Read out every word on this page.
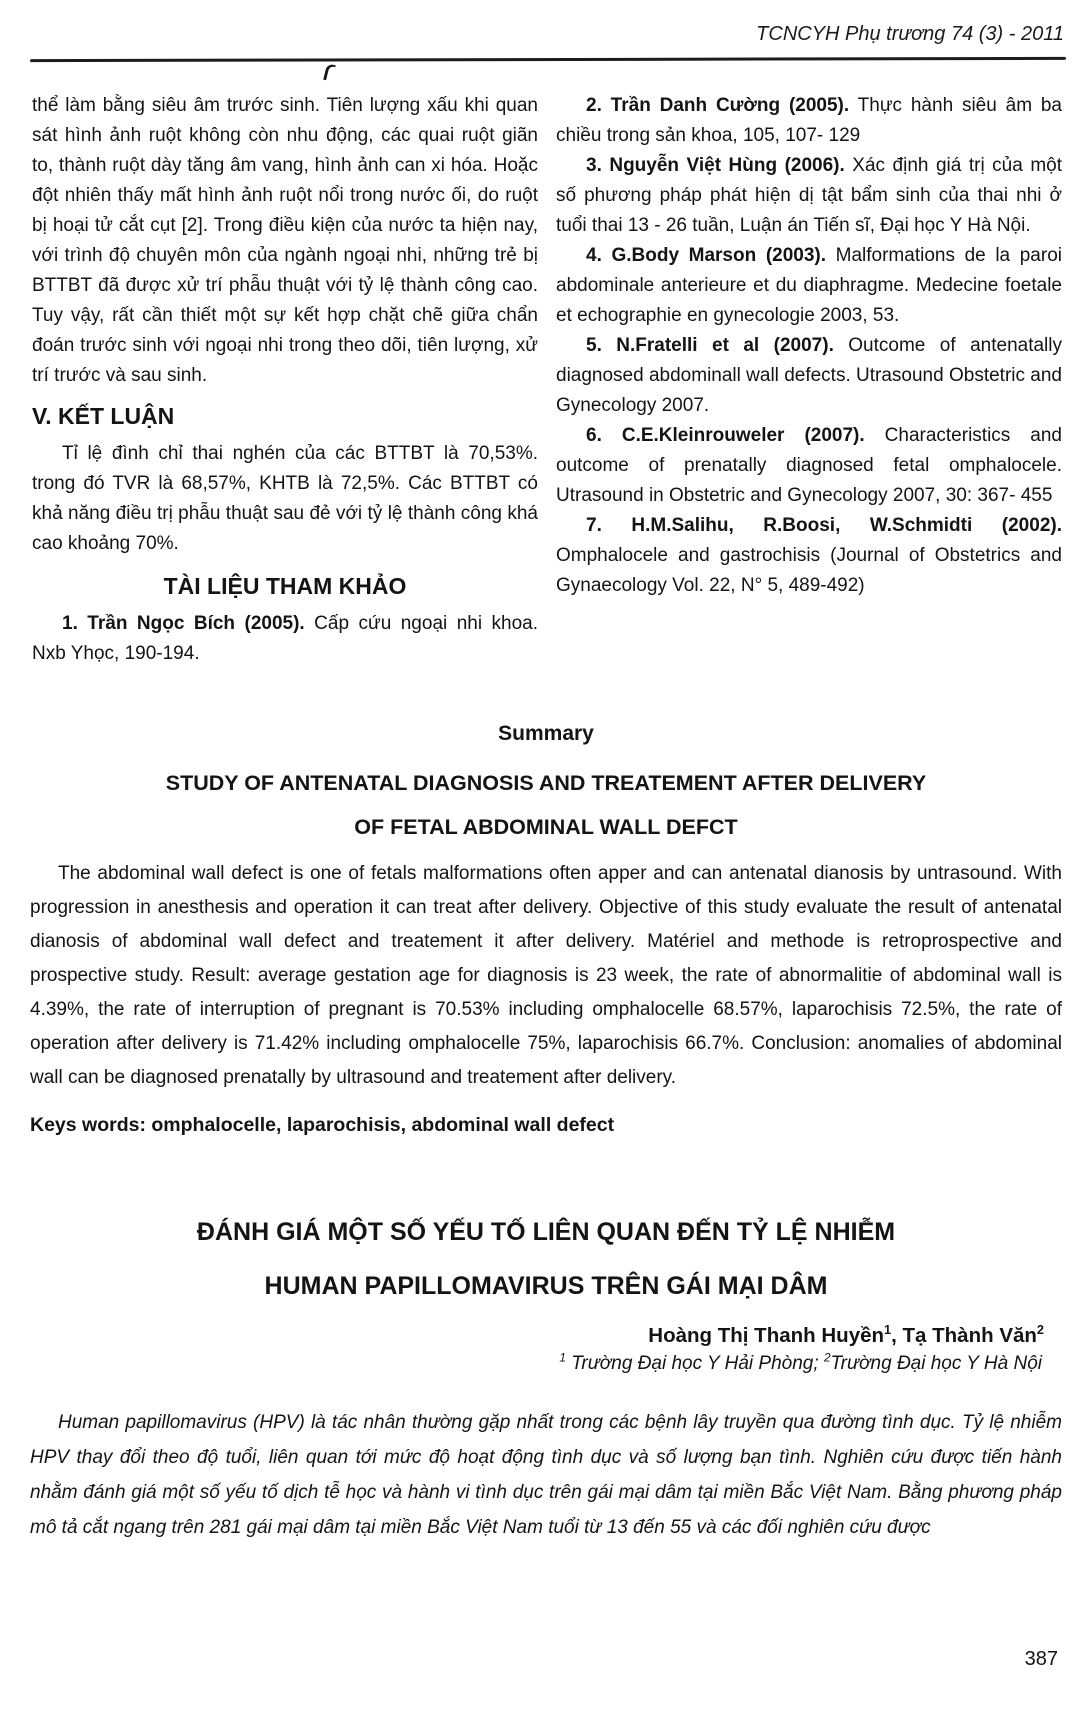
TCNCYH Phụ trương 74 (3) - 2011

thể làm bằng siêu âm trước sinh. Tiên lượng xấu khi quan sát hình ảnh ruột không còn nhu động, các quai ruột giãn to, thành ruột dày tăng âm vang, hình ảnh can xi hóa. Hoặc đột nhiên thấy mất hình ảnh ruột nổi trong nước ối, do ruột bị hoại tử cắt cụt [2]. Trong điều kiện của nước ta hiện nay, với trình độ chuyên môn của ngành ngoại nhi, những trẻ bị BTTBT đã được xử trí phẫu thuật với tỷ lệ thành công cao. Tuy vậy, rất cần thiết một sự kết hợp chặt chẽ giữa chẩn đoán trước sinh với ngoại nhi trong theo dõi, tiên lượng, xử trí trước và sau sinh.

V. KẾT LUẬN

Tỉ lệ đình chỉ thai nghén của các BTTBT là 70,53%. trong đó TVR là 68,57%, KHTB là 72,5%. Các BTTBT có khả năng điều trị phẫu thuật sau đẻ với tỷ lệ thành công khá cao khoảng 70%.

TÀI LIỆU THAM KHẢO

1. Trần Ngọc Bích (2005). Cấp cứu ngoại nhi khoa. Nxb Yhọc, 190-194.

2. Trần Danh Cường (2005). Thực hành siêu âm ba chiều trong sản khoa, 105, 107- 129

3. Nguyễn Việt Hùng (2006). Xác định giá trị của một số phương pháp phát hiện dị tật bẩm sinh của thai nhi ở tuổi thai 13 - 26 tuần, Luận án Tiến sĩ, Đại học Y Hà Nội.

4. G.Body Marson (2003). Malformations de la paroi abdominale anterieure et du diaphragme. Medecine foetale et echographie en gynecologie 2003, 53.

5. N.Fratelli et al (2007). Outcome of antenatally diagnosed abdominall wall defects. Utrasound Obstetric and Gynecology 2007.

6. C.E.Kleinrouweler (2007). Characteristics and outcome of prenatally diagnosed fetal omphalocele. Utrasound in Obstetric and Gynecology 2007, 30: 367- 455

7. H.M.Salihu, R.Boosi, W.Schmidti (2002). Omphalocele and gastrochisis (Journal of Obstetrics and Gynaecology Vol. 22, N° 5, 489-492)

Summary
STUDY OF ANTENATAL DIAGNOSIS AND TREATEMENT AFTER DELIVERY
OF FETAL ABDOMINAL WALL DEFCT

The abdominal wall defect is one of fetals malformations often apper and can antenatal dianosis by untrasound. With progression in anesthesis and operation it can treat after delivery. Objective of this study evaluate the result of antenatal dianosis of abdominal wall defect and treatement it after delivery. Matériel and methode is retroprospective and prospective study. Result: average gestation age for diagnosis is 23 week, the rate of abnormalitie of abdominal wall is 4.39%, the rate of interruption of pregnant is 70.53% including omphalocelle 68.57%, laparochisis 72.5%, the rate of operation after delivery is 71.42% including omphalocelle 75%, laparochisis 66.7%. Conclusion: anomalies of abdominal wall can be diagnosed prenatally by ultrasound and treatement after delivery.

Keys words: omphalocelle, laparochisis, abdominal wall defect
ĐÁNH GIÁ MỘT SỐ YẾU TỐ LIÊN QUAN ĐẾN TỶ LỆ NHIỄM
HUMAN PAPILLOMAVIRUS TRÊN GÁI MẠI DÂM
Hoàng Thị Thanh Huyền$^1$, Tạ Thành Văn$^2$
$^1$ Trường Đại học Y Hải Phòng; $^2$Trường Đại học Y Hà Nội

Human papillomavirus (HPV) là tác nhân thường gặp nhất trong các bệnh lây truyền qua đường tình dục. Tỷ lệ nhiễm HPV thay đổi theo độ tuổi, liên quan tới mức độ hoạt động tình dục và số lượng bạn tình. Nghiên cứu được tiến hành nhằm đánh giá một số yếu tố dịch tễ học và hành vi tình dục trên gái mại dâm tại miền Bắc Việt Nam. Bằng phương pháp mô tả cắt ngang trên 281 gái mại dâm tại miền Bắc Việt Nam tuổi từ 13 đến 55 và các đối nghiên cứu được

387
